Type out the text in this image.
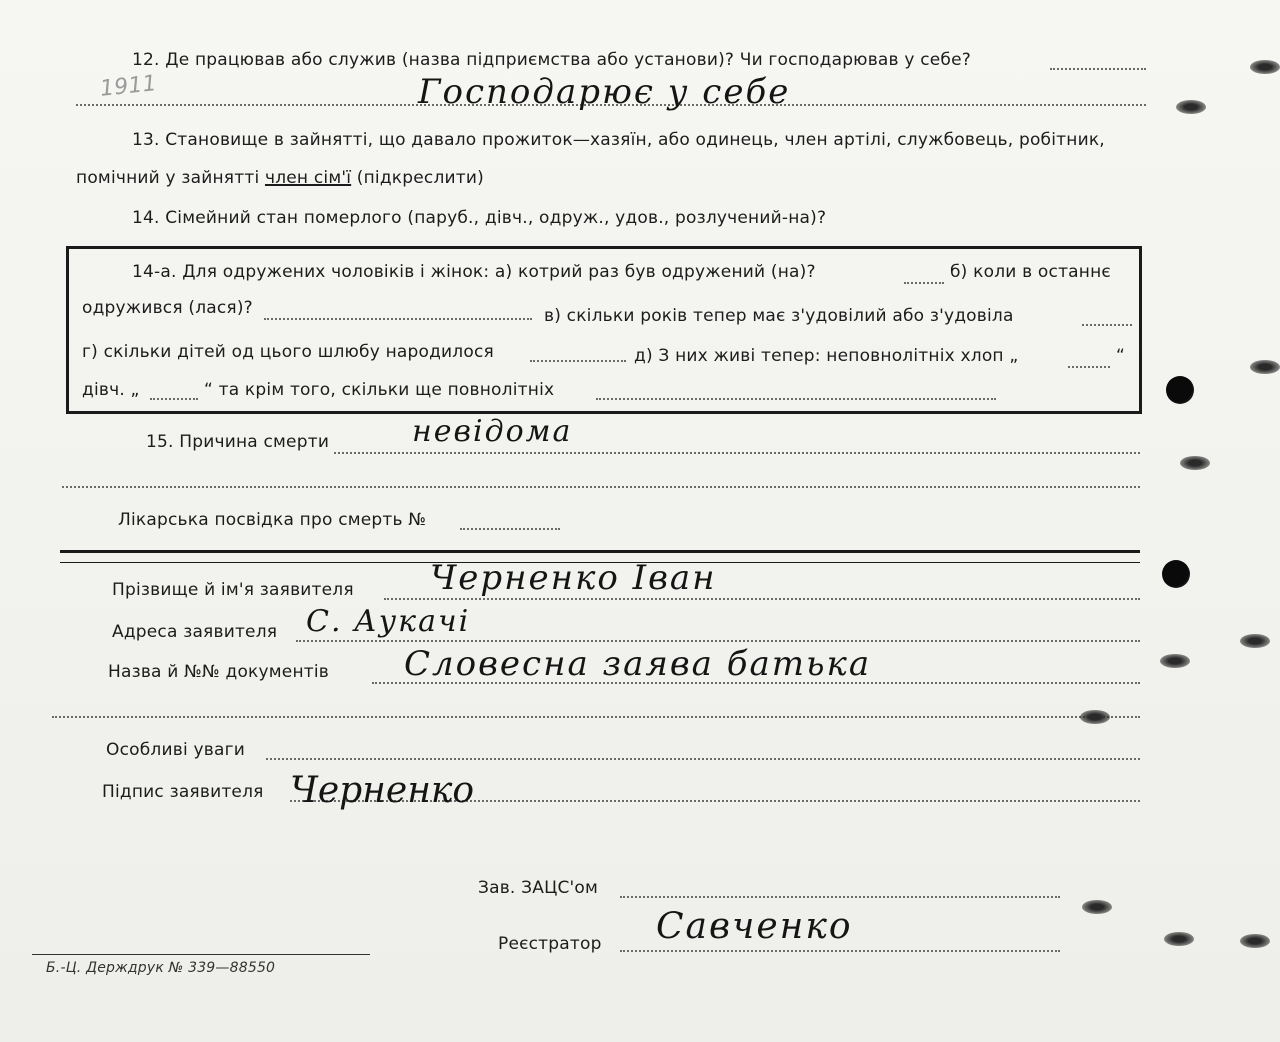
1911
12. Де працював або служив (назва підприємства або установи)? Чи господарював у себе?
Господарює у себе
13. Становище в зайнятті, що давало прожиток—хазяїн, або одинець, член артілі, службовець, робітник,
помічний у зайнятті член сім'ї (підкреслити)
14. Сімейний стан померлого (паруб., дівч., одруж., удов., розлучений-на)?
14-а. Для одружених чоловіків і жінок: а) котрий раз був одружений (на)?	б) коли в останнє
одружився (лася)?	в) скільки років тепер має з'удовілий або з'удовіла
г) скільки дітей од цього шлюбу народилося	д) З них живі тепер: неповнолітніх хлоп „	“
дівч. „	“ та крім того, скільки ще повнолітніх
15. Причина смерти	невідома
Лікарська посвідка про смерть №
Прізвище й ім'я заявителя Черненко Іван
Адреса заявителя С. Аукачі
Назва й №№ документів Словесна заява батька
Особливі уваги
Підпис заявителя Черненко
Зав. ЗАЦС'ом
Реєстратор Савченко
Б.-Ц. Держдрук № 339—88550
